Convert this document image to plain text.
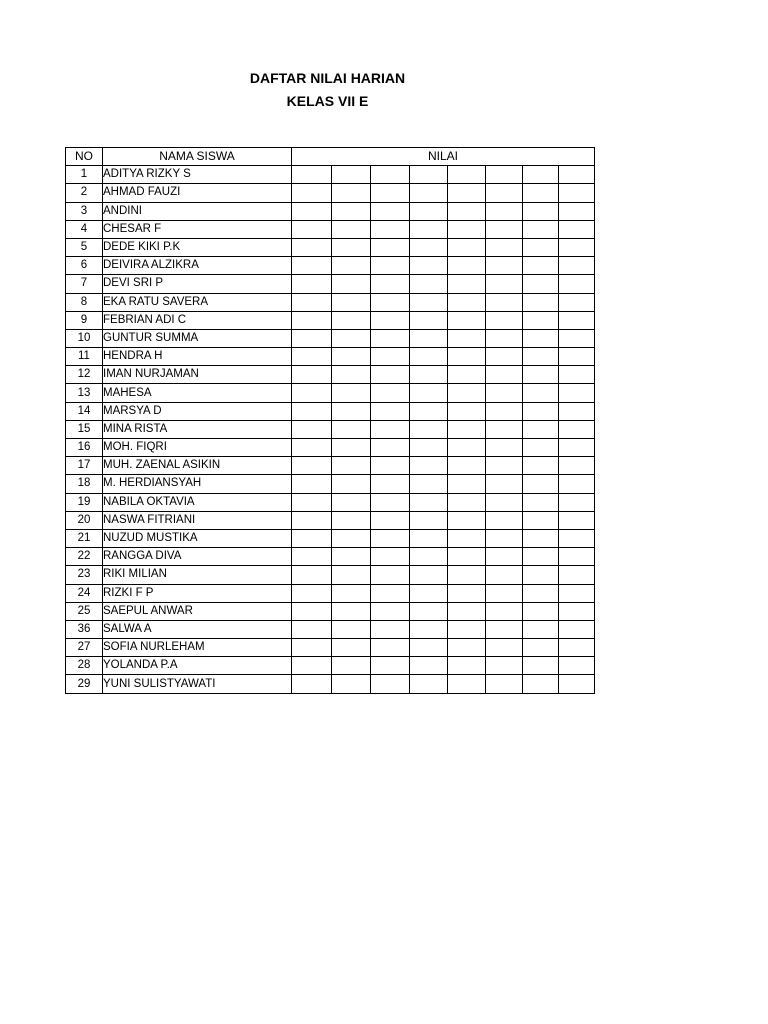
DAFTAR NILAI HARIAN
KELAS VII E
NO	NAMA SISWA	NILAI							
1	ADITYA RIZKY S								
2	AHMAD FAUZI								
3	ANDINI								
4	CHESAR F								
5	DEDE KIKI P.K								
6	DEIVIRA ALZIKRA								
7	DEVI SRI P								
8	EKA RATU SAVERA								
9	FEBRIAN ADI C								
10	GUNTUR SUMMA								
11	HENDRA H								
12	IMAN NURJAMAN								
13	MAHESA								
14	MARSYA D								
15	MINA RISTA								
16	MOH. FIQRI								
17	MUH. ZAENAL ASIKIN								
18	M. HERDIANSYAH								
19	NABILA OKTAVIA								
20	NASWA FITRIANI								
21	NUZUD MUSTIKA								
22	RANGGA DIVA								
23	RIKI MILIAN								
24	RIZKI F P								
25	SAEPUL ANWAR								
36	SALWA A								
27	SOFIA NURLEHAM								
28	YOLANDA P.A								
29	YUNI SULISTYAWATI								
